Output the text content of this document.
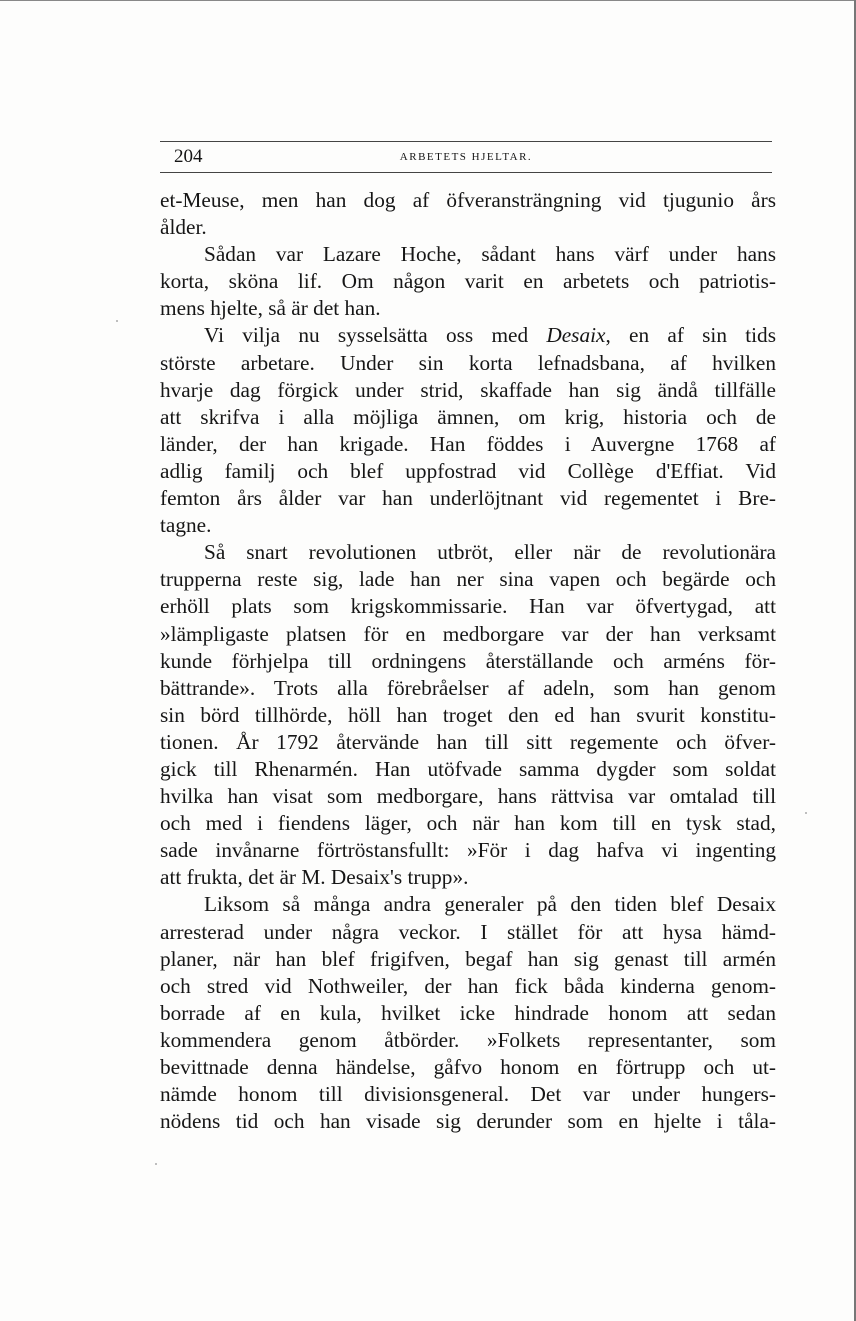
204	ARBETETS HJELTAR.
et-Meuse, men han dog af öfveransträngning vid tjugunio års
ålder.
Sådan var Lazare Hoche, sådant hans värf under hans
korta, sköna lif. Om någon varit en arbetets och patriotis-
mens hjelte, så är det han.
Vi vilja nu sysselsätta oss med Desaix, en af sin tids
störste arbetare. Under sin korta lefnadsbana, af hvilken
hvarje dag förgick under strid, skaffade han sig ändå tillfälle
att skrifva i alla möjliga ämnen, om krig, historia och de
länder, der han krigade. Han föddes i Auvergne 1768 af
adlig familj och blef uppfostrad vid Collège d'Effiat. Vid
femton års ålder var han underlöjtnant vid regementet i Bre-
tagne.
Så snart revolutionen utbröt, eller när de revolutionära
trupperna reste sig, lade han ner sina vapen och begärde och
erhöll plats som krigskommissarie. Han var öfvertygad, att
»lämpligaste platsen för en medborgare var der han verksamt
kunde förhjelpa till ordningens återställande och arméns för-
bättrande». Trots alla förebråelser af adeln, som han genom
sin börd tillhörde, höll han troget den ed han svurit konstitu-
tionen. År 1792 återvände han till sitt regemente och öfver-
gick till Rhenarmén. Han utöfvade samma dygder som soldat
hvilka han visat som medborgare, hans rättvisa var omtalad till
och med i fiendens läger, och när han kom till en tysk stad,
sade invånarne förtröstansfullt: »För i dag hafva vi ingenting
att frukta, det är M. Desaix's trupp».
Liksom så många andra generaler på den tiden blef Desaix
arresterad under några veckor. I stället för att hysa hämd-
planer, när han blef frigifven, begaf han sig genast till armén
och stred vid Nothweiler, der han fick båda kinderna genom-
borrade af en kula, hvilket icke hindrade honom att sedan
kommendera genom åtbörder. »Folkets representanter, som
bevittnade denna händelse, gåfvo honom en förtrupp och ut-
nämde honom till divisionsgeneral. Det var under hungers-
nödens tid och han visade sig derunder som en hjelte i tåla-
